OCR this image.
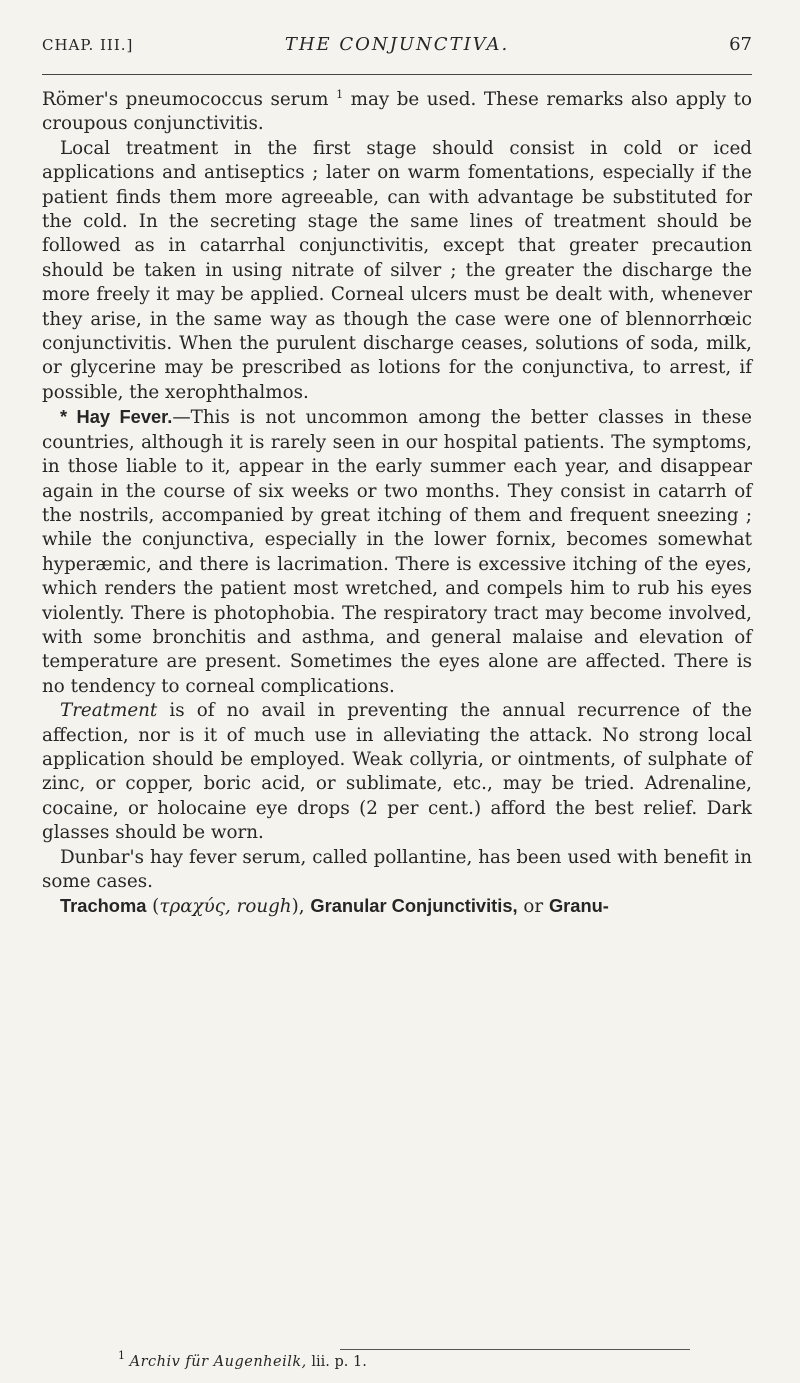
CHAP. III.]	THE CONJUNCTIVA.	67

Römer's pneumococcus serum $^1$ may be used. These remarks also apply to croupous conjunctivitis.

Local treatment in the first stage should consist in cold or iced applications and antiseptics ; later on warm fomentations, especially if the patient finds them more agreeable, can with advantage be substituted for the cold. In the secreting stage the same lines of treatment should be followed as in catarrhal conjunctivitis, except that greater precaution should be taken in using nitrate of silver ; the greater the discharge the more freely it may be applied. Corneal ulcers must be dealt with, whenever they arise, in the same way as though the case were one of blennorrhœic conjunctivitis. When the purulent discharge ceases, solutions of soda, milk, or glycerine may be prescribed as lotions for the conjunctiva, to arrest, if possible, the xerophthalmos.

* Hay Fever.—This is not uncommon among the better classes in these countries, although it is rarely seen in our hospital patients. The symptoms, in those liable to it, appear in the early summer each year, and disappear again in the course of six weeks or two months. They consist in catarrh of the nostrils, accompanied by great itching of them and frequent sneezing ; while the conjunctiva, especially in the lower fornix, becomes somewhat hyperæmic, and there is lacrimation. There is excessive itching of the eyes, which renders the patient most wretched, and compels him to rub his eyes violently. There is photophobia. The respiratory tract may become involved, with some bronchitis and asthma, and general malaise and elevation of temperature are present. Sometimes the eyes alone are affected. There is no tendency to corneal complications.

Treatment is of no avail in preventing the annual recurrence of the affection, nor is it of much use in alleviating the attack. No strong local application should be employed. Weak collyria, or ointments, of sulphate of zinc, or copper, boric acid, or sublimate, etc., may be tried. Adrenaline, cocaine, or holocaine eye drops (2 per cent.) afford the best relief. Dark glasses should be worn.

Dunbar's hay fever serum, called pollantine, has been used with benefit in some cases.

Trachoma (τραχύς, rough), Granular Conjunctivitis, or Granu-

$^1$ Archiv für Augenheilk, lii. p. 1.
